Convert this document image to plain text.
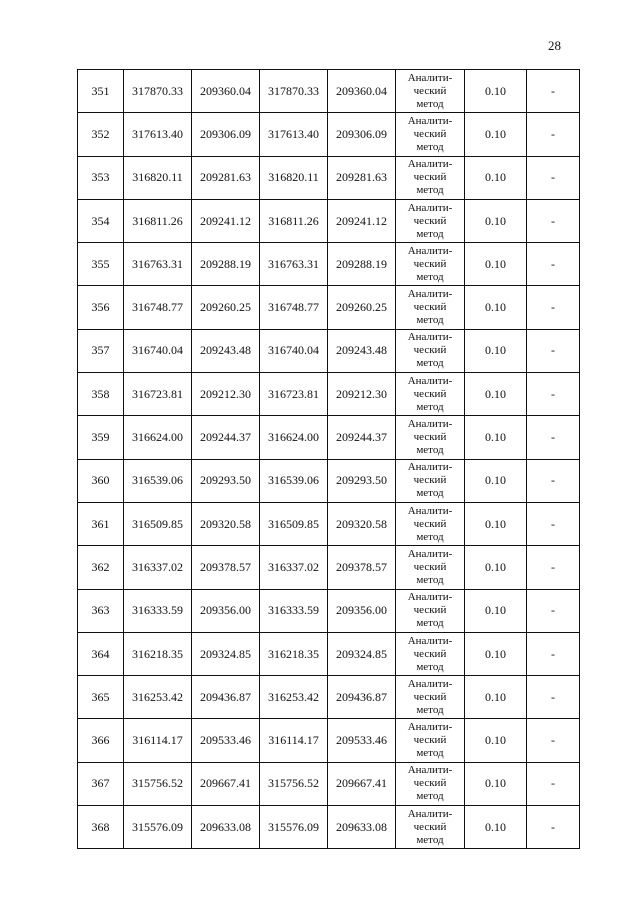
28
351	317870.33	209360.04	317870.33	209360.04	Аналити-
ческий
метод	0.10	-
352	317613.40	209306.09	317613.40	209306.09	Аналити-
ческий
метод	0.10	-
353	316820.11	209281.63	316820.11	209281.63	Аналити-
ческий
метод	0.10	-
354	316811.26	209241.12	316811.26	209241.12	Аналити-
ческий
метод	0.10	-
355	316763.31	209288.19	316763.31	209288.19	Аналити-
ческий
метод	0.10	-
356	316748.77	209260.25	316748.77	209260.25	Аналити-
ческий
метод	0.10	-
357	316740.04	209243.48	316740.04	209243.48	Аналити-
ческий
метод	0.10	-
358	316723.81	209212.30	316723.81	209212.30	Аналити-
ческий
метод	0.10	-
359	316624.00	209244.37	316624.00	209244.37	Аналити-
ческий
метод	0.10	-
360	316539.06	209293.50	316539.06	209293.50	Аналити-
ческий
метод	0.10	-
361	316509.85	209320.58	316509.85	209320.58	Аналити-
ческий
метод	0.10	-
362	316337.02	209378.57	316337.02	209378.57	Аналити-
ческий
метод	0.10	-
363	316333.59	209356.00	316333.59	209356.00	Аналити-
ческий
метод	0.10	-
364	316218.35	209324.85	316218.35	209324.85	Аналити-
ческий
метод	0.10	-
365	316253.42	209436.87	316253.42	209436.87	Аналити-
ческий
метод	0.10	-
366	316114.17	209533.46	316114.17	209533.46	Аналити-
ческий
метод	0.10	-
367	315756.52	209667.41	315756.52	209667.41	Аналити-
ческий
метод	0.10	-
368	315576.09	209633.08	315576.09	209633.08	Аналити-
ческий
метод	0.10	-
